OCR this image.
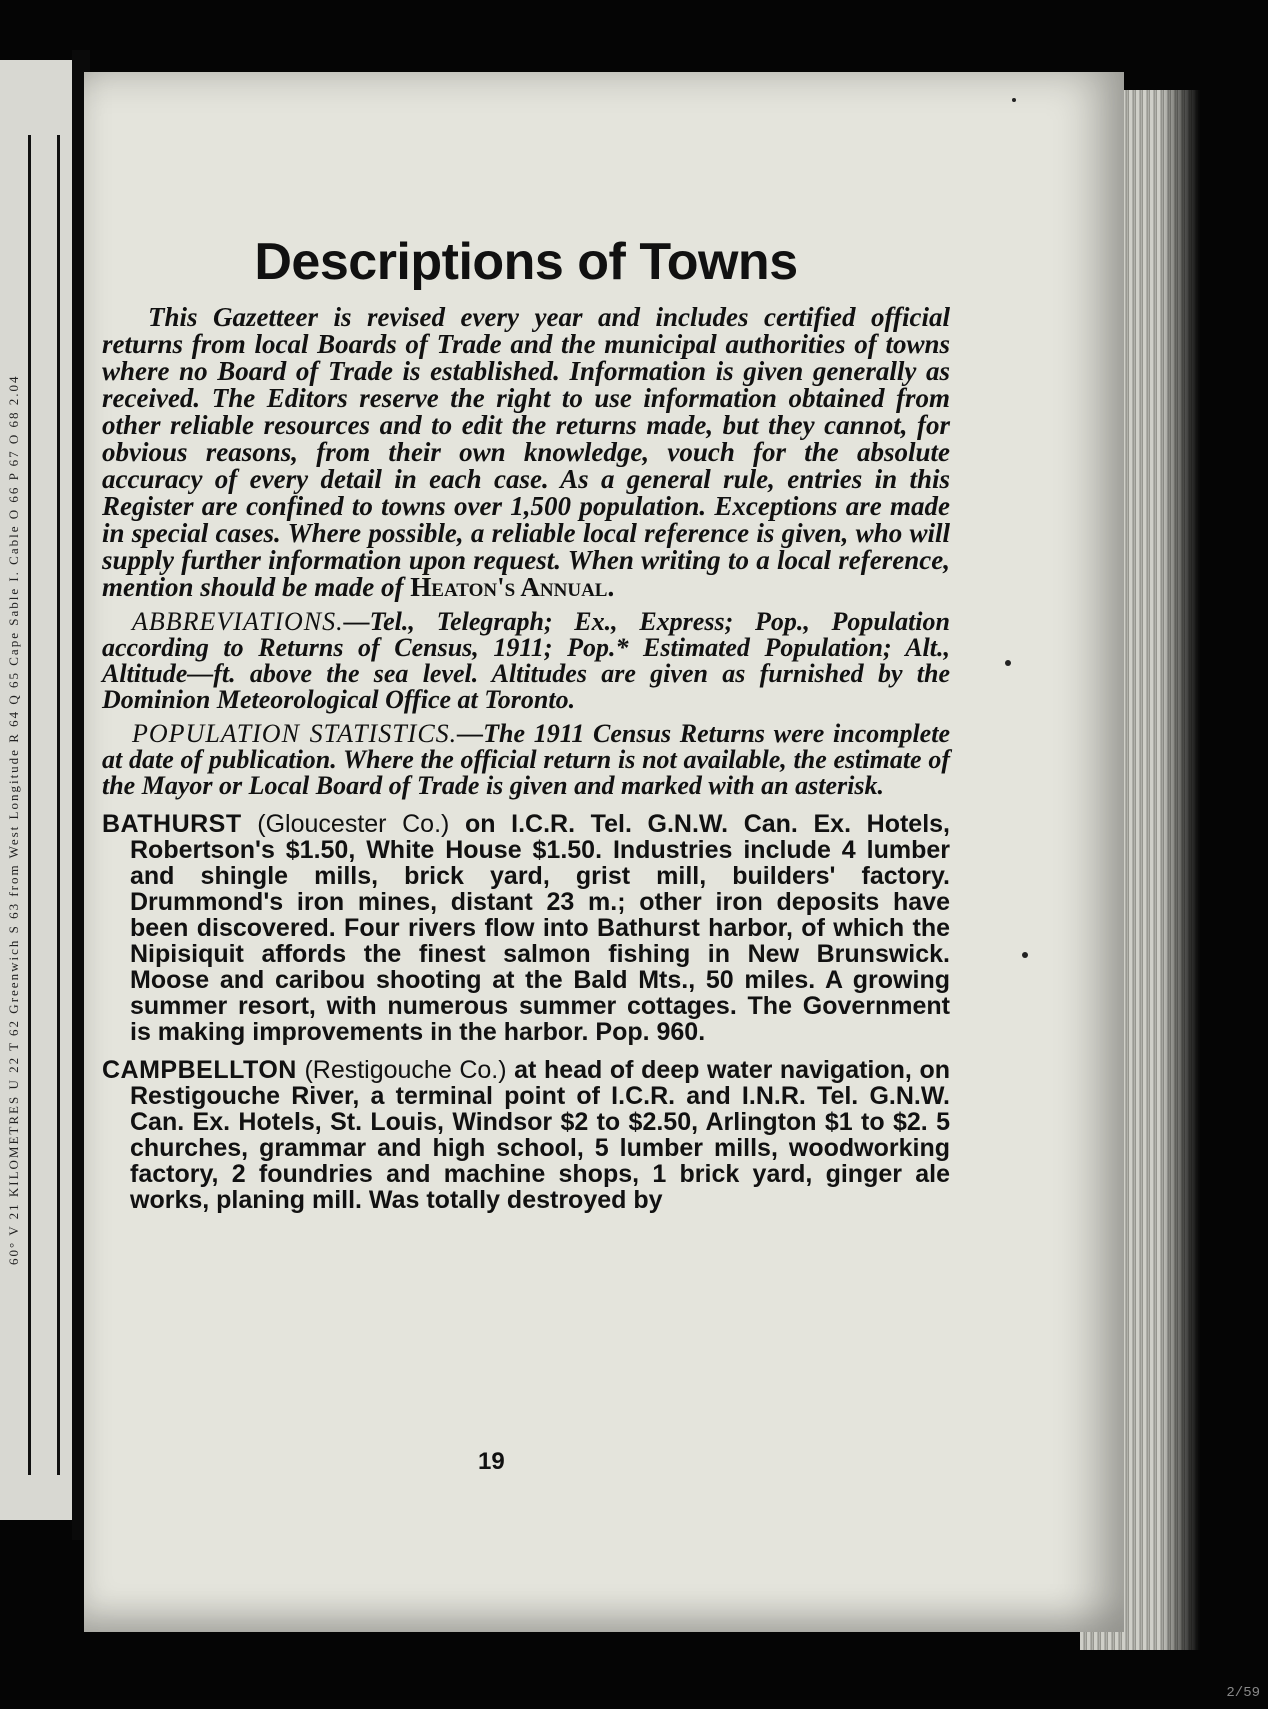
60° V 21 KILOMETRES U 22 T 62 Greenwich S 63 from West Longitude R 64 Q 65 Cape Sable I. Cable O 66 P 67 O 68 2.04
Descriptions of Towns

This Gazetteer is revised every year and includes certified official returns from local Boards of Trade and the municipal authorities of towns where no Board of Trade is established. Information is given generally as received. The Editors reserve the right to use information obtained from other reliable resources and to edit the returns made, but they cannot, for obvious reasons, from their own knowledge, vouch for the absolute accuracy of every detail in each case. As a general rule, entries in this Register are confined to towns over 1,500 population. Exceptions are made in special cases. Where possible, a reliable local reference is given, who will supply further information upon request. When writing to a local reference, mention should be made of Heaton's Annual.

ABBREVIATIONS.—Tel., Telegraph; Ex., Express; Pop., Population according to Returns of Census, 1911; Pop.* Estimated Population; Alt., Altitude—ft. above the sea level. Altitudes are given as furnished by the Dominion Meteorological Office at Toronto.

POPULATION STATISTICS.—The 1911 Census Returns were incomplete at date of publication. Where the official return is not available, the estimate of the Mayor or Local Board of Trade is given and marked with an asterisk.

BATHURST (Gloucester Co.) on I.C.R. Tel. G.N.W. Can. Ex. Hotels, Robertson's $1.50, White House $1.50. Industries include 4 lumber and shingle mills, brick yard, grist mill, builders' factory. Drummond's iron mines, distant 23 m.; other iron deposits have been discovered. Four rivers flow into Bathurst harbor, of which the Nipisiquit affords the finest salmon fishing in New Brunswick. Moose and caribou shooting at the Bald Mts., 50 miles. A growing summer resort, with numerous summer cottages. The Government is making improvements in the harbor. Pop. 960.

CAMPBELLTON (Restigouche Co.) at head of deep water navigation, on Restigouche River, a terminal point of I.C.R. and I.N.R. Tel. G.N.W. Can. Ex. Hotels, St. Louis, Windsor $2 to $2.50, Arlington $1 to $2. 5 churches, grammar and high school, 5 lumber mills, woodworking factory, 2 foundries and machine shops, 1 brick yard, ginger ale works, planing mill. Was totally destroyed by

19
2/59
